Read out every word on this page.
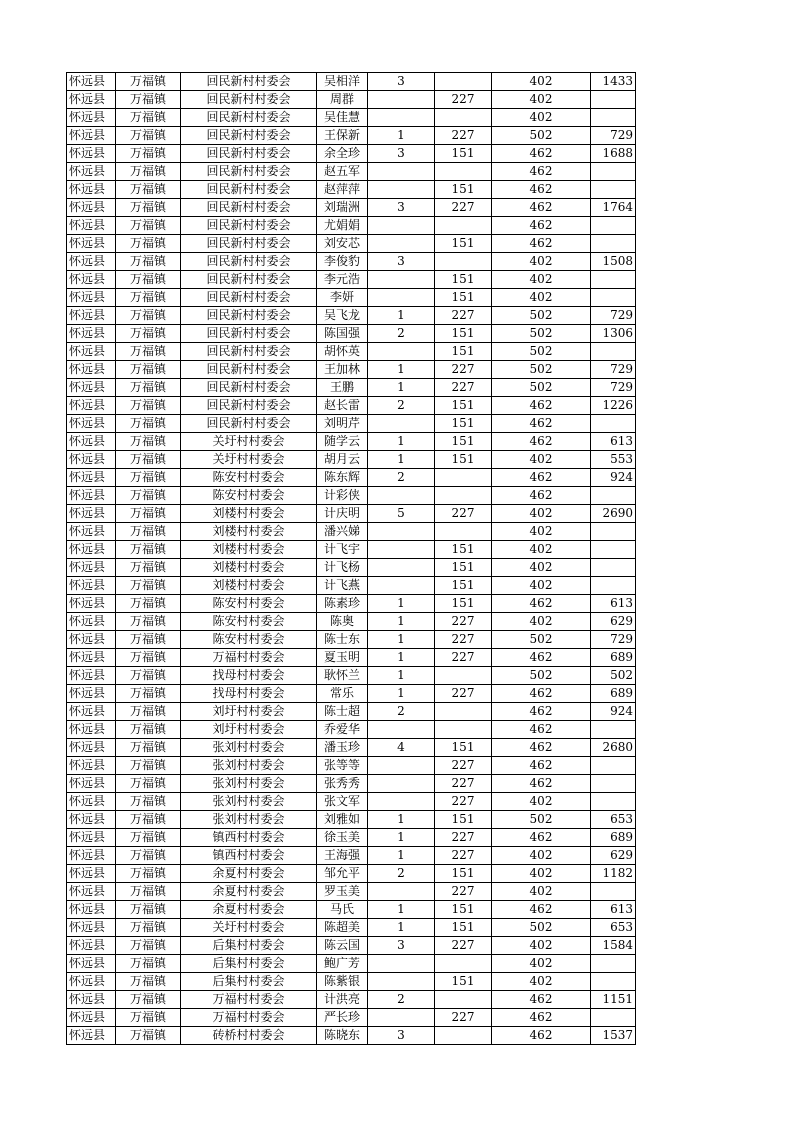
怀远县	万福镇	回民新村村委会	吴相洋	3		402	1433
怀远县	万福镇	回民新村村委会	周群		227	402	
怀远县	万福镇	回民新村村委会	吴佳慧			402	
怀远县	万福镇	回民新村村委会	王保新	1	227	502	729
怀远县	万福镇	回民新村村委会	余全珍	3	151	462	1688
怀远县	万福镇	回民新村村委会	赵五军			462	
怀远县	万福镇	回民新村村委会	赵萍萍		151	462	
怀远县	万福镇	回民新村村委会	刘瑞洲	3	227	462	1764
怀远县	万福镇	回民新村村委会	尤娟娟			462	
怀远县	万福镇	回民新村村委会	刘安芯		151	462	
怀远县	万福镇	回民新村村委会	李俊豹	3		402	1508
怀远县	万福镇	回民新村村委会	李元浩		151	402	
怀远县	万福镇	回民新村村委会	李妍		151	402	
怀远县	万福镇	回民新村村委会	吴飞龙	1	227	502	729
怀远县	万福镇	回民新村村委会	陈国强	2	151	502	1306
怀远县	万福镇	回民新村村委会	胡怀英		151	502	
怀远县	万福镇	回民新村村委会	王加林	1	227	502	729
怀远县	万福镇	回民新村村委会	王鹏	1	227	502	729
怀远县	万福镇	回民新村村委会	赵长雷	2	151	462	1226
怀远县	万福镇	回民新村村委会	刘明芹		151	462	
怀远县	万福镇	关圩村村委会	随学云	1	151	462	613
怀远县	万福镇	关圩村村委会	胡月云	1	151	402	553
怀远县	万福镇	陈安村村委会	陈东辉	2		462	924
怀远县	万福镇	陈安村村委会	计彩侠			462	
怀远县	万福镇	刘楼村村委会	计庆明	5	227	402	2690
怀远县	万福镇	刘楼村村委会	潘兴娣			402	
怀远县	万福镇	刘楼村村委会	计飞宇		151	402	
怀远县	万福镇	刘楼村村委会	计飞杨		151	402	
怀远县	万福镇	刘楼村村委会	计飞燕		151	402	
怀远县	万福镇	陈安村村委会	陈素珍	1	151	462	613
怀远县	万福镇	陈安村村委会	陈奥	1	227	402	629
怀远县	万福镇	陈安村村委会	陈士东	1	227	502	729
怀远县	万福镇	万福村村委会	夏玉明	1	227	462	689
怀远县	万福镇	找母村村委会	耿怀兰	1		502	502
怀远县	万福镇	找母村村委会	常乐	1	227	462	689
怀远县	万福镇	刘圩村村委会	陈士超	2		462	924
怀远县	万福镇	刘圩村村委会	乔爱华			462	
怀远县	万福镇	张刘村村委会	潘玉珍	4	151	462	2680
怀远县	万福镇	张刘村村委会	张等等		227	462	
怀远县	万福镇	张刘村村委会	张秀秀		227	462	
怀远县	万福镇	张刘村村委会	张文军		227	402	
怀远县	万福镇	张刘村村委会	刘雅如	1	151	502	653
怀远县	万福镇	镇西村村委会	徐玉美	1	227	462	689
怀远县	万福镇	镇西村村委会	王海强	1	227	402	629
怀远县	万福镇	余夏村村委会	邹允平	2	151	402	1182
怀远县	万福镇	余夏村村委会	罗玉美		227	402	
怀远县	万福镇	余夏村村委会	马氏	1	151	462	613
怀远县	万福镇	关圩村村委会	陈超美	1	151	502	653
怀远县	万福镇	后集村村委会	陈云国	3	227	402	1584
怀远县	万福镇	后集村村委会	鲍广芳			402	
怀远县	万福镇	后集村村委会	陈紫银		151	402	
怀远县	万福镇	万福村村委会	计洪亮	2		462	1151
怀远县	万福镇	万福村村委会	严长珍		227	462	
怀远县	万福镇	砖桥村村委会	陈晓东	3		462	1537
